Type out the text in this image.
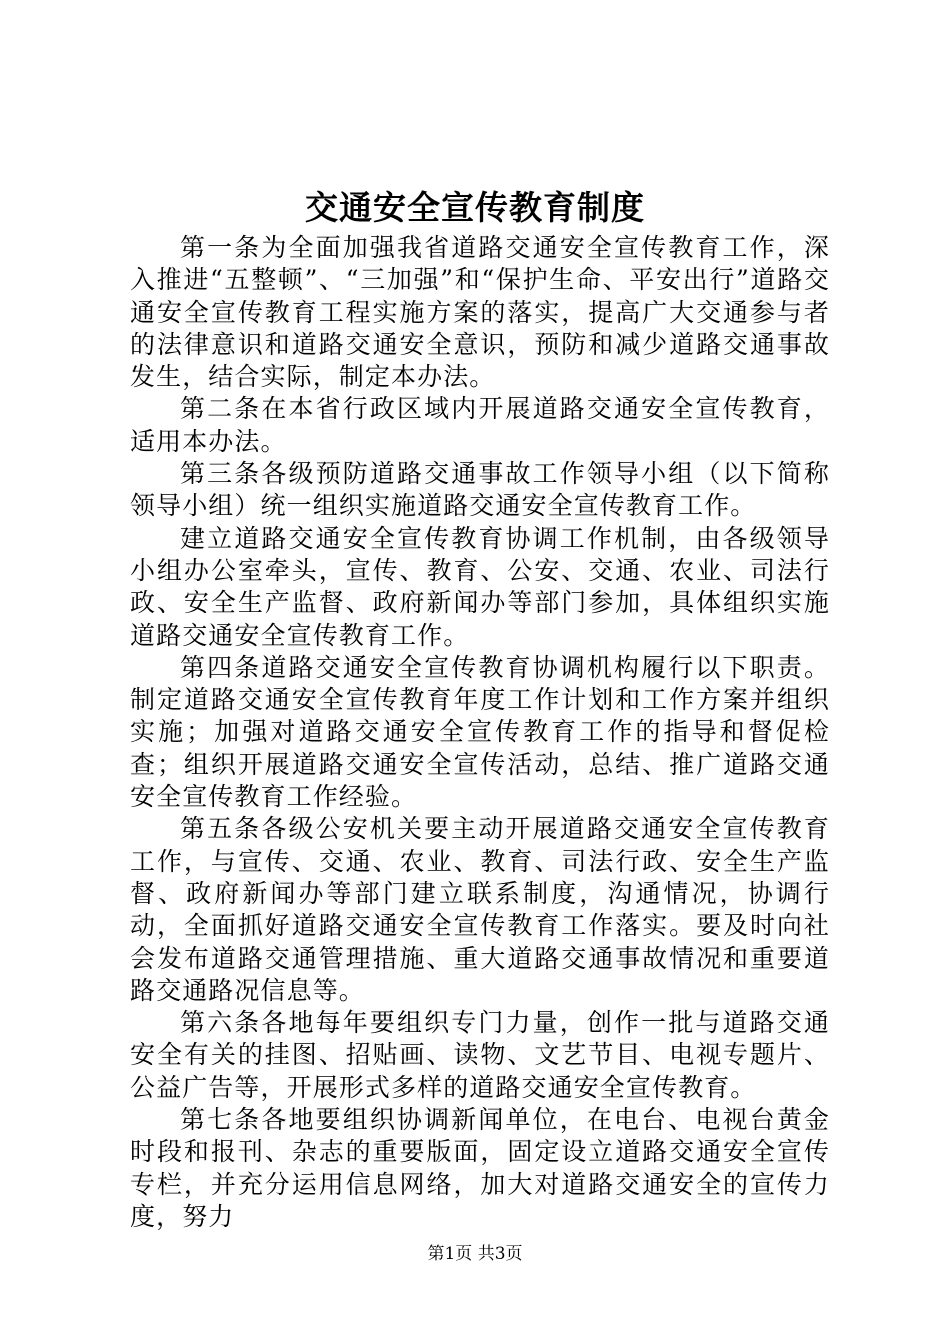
交通安全宣传教育制度

第一条为全面加强我省道路交通安全宣传教育工作，深入推进“五整顿”、“三加强”和“保护生命、平安出行”道路交通安全宣传教育工程实施方案的落实，提高广大交通参与者的法律意识和道路交通安全意识，预防和减少道路交通事故发生，结合实际，制定本办法。

第二条在本省行政区域内开展道路交通安全宣传教育，适用本办法。

第三条各级预防道路交通事故工作领导小组（以下简称领导小组）统一组织实施道路交通安全宣传教育工作。

建立道路交通安全宣传教育协调工作机制，由各级领导小组办公室牵头，宣传、教育、公安、交通、农业、司法行政、安全生产监督、政府新闻办等部门参加，具体组织实施道路交通安全宣传教育工作。

第四条道路交通安全宣传教育协调机构履行以下职责。制定道路交通安全宣传教育年度工作计划和工作方案并组织实施；加强对道路交通安全宣传教育工作的指导和督促检查；组织开展道路交通安全宣传活动，总结、推广道路交通安全宣传教育工作经验。

第五条各级公安机关要主动开展道路交通安全宣传教育工作，与宣传、交通、农业、教育、司法行政、安全生产监督、政府新闻办等部门建立联系制度，沟通情况，协调行动，全面抓好道路交通安全宣传教育工作落实。要及时向社会发布道路交通管理措施、重大道路交通事故情况和重要道路交通路况信息等。

第六条各地每年要组织专门力量，创作一批与道路交通安全有关的挂图、招贴画、读物、文艺节目、电视专题片、公益广告等，开展形式多样的道路交通安全宣传教育。

第七条各地要组织协调新闻单位，在电台、电视台黄金时段和报刊、杂志的重要版面，固定设立道路交通安全宣传专栏，并充分运用信息网络，加大对道路交通安全的宣传力度，努力

第1页 共3页
